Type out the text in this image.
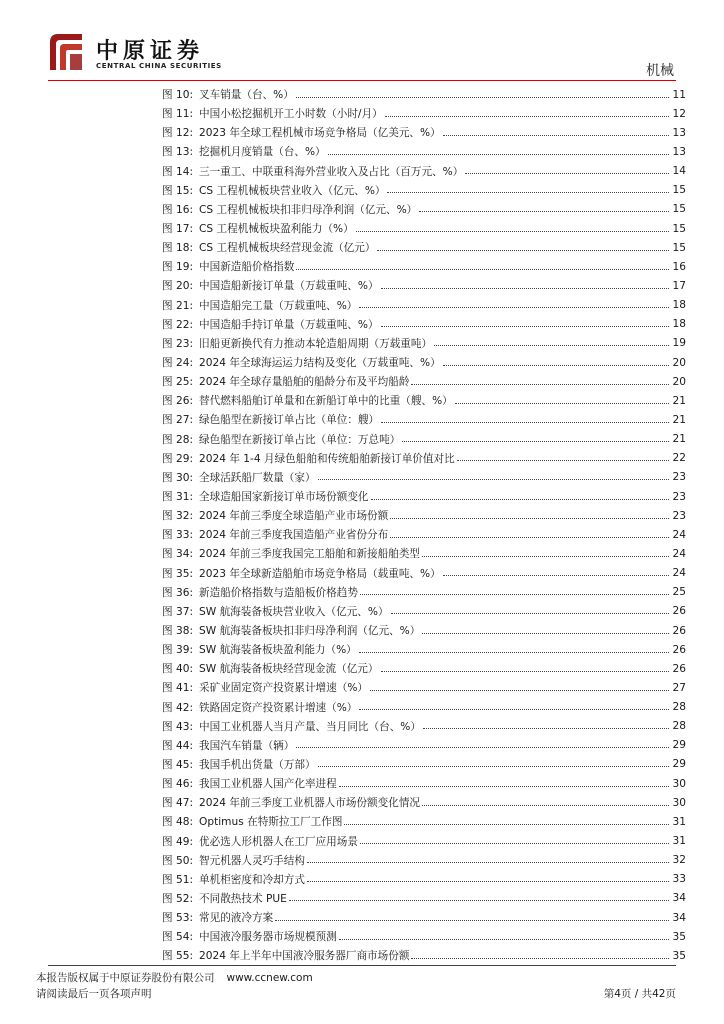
中原证券
CENTRAL CHINA SECURITIES	机械
图 10: 叉车销量（台、%）	11
图 11: 中国小松挖掘机开工小时数（小时/月）	12
图 12: 2023 年全球工程机械市场竞争格局（亿美元、%）	13
图 13: 挖掘机月度销量（台、%）	13
图 14: 三一重工、中联重科海外营业收入及占比（百万元、%）	14
图 15: CS 工程机械板块营业收入（亿元、%）	15
图 16: CS 工程机械板块扣非归母净利润（亿元、%）	15
图 17: CS 工程机械板块盈利能力（%）	15
图 18: CS 工程机械板块经营现金流（亿元）	15
图 19: 中国新造船价格指数	16
图 20: 中国造船新接订单量（万载重吨、%）	17
图 21: 中国造船完工量（万载重吨、%）	18
图 22: 中国造船手持订单量（万载重吨、%）	18
图 23: 旧船更新换代有力推动本轮造船周期（万载重吨）	19
图 24: 2024 年全球海运运力结构及变化（万载重吨、%）	20
图 25: 2024 年全球存量船舶的船龄分布及平均船龄	20
图 26: 替代燃料船舶订单量和在新船订单中的比重（艘、%）	21
图 27: 绿色船型在新接订单占比（单位：艘）	21
图 28: 绿色船型在新接订单占比（单位：万总吨）	21
图 29: 2024 年 1-4 月绿色船舶和传统船舶新接订单价值对比	22
图 30: 全球活跃船厂数量（家）	23
图 31: 全球造船国家新接订单市场份额变化	23
图 32: 2024 年前三季度全球造船产业市场份额	23
图 33: 2024 年前三季度我国造船产业省份分布	24
图 34: 2024 年前三季度我国完工船舶和新接船舶类型	24
图 35: 2023 年全球新造船舶市场竞争格局（载重吨、%）	24
图 36: 新造船价格指数与造船板价格趋势	25
图 37: SW 航海装备板块营业收入（亿元、%）	26
图 38: SW 航海装备板块扣非归母净利润（亿元、%）	26
图 39: SW 航海装备板块盈利能力（%）	26
图 40: SW 航海装备板块经营现金流（亿元）	26
图 41: 采矿业固定资产投资累计增速（%）	27
图 42: 铁路固定资产投资累计增速（%）	28
图 43: 中国工业机器人当月产量、当月同比（台、%）	28
图 44: 我国汽车销量（辆）	29
图 45: 我国手机出货量（万部）	29
图 46: 我国工业机器人国产化率进程	30
图 47: 2024 年前三季度工业机器人市场份额变化情况	30
图 48: Optimus 在特斯拉工厂工作图	31
图 49: 优必选人形机器人在工厂应用场景	31
图 50: 智元机器人灵巧手结构	32
图 51: 单机柜密度和冷却方式	33
图 52: 不同散热技术 PUE	34
图 53: 常见的液冷方案	34
图 54: 中国液冷服务器市场规模预测	35
图 55: 2024 年上半年中国液冷服务器厂商市场份额	35
本报告版权属于中原证券股份有限公司 www.ccnew.com
请阅读最后一页各项声明	第4页 / 共42页
